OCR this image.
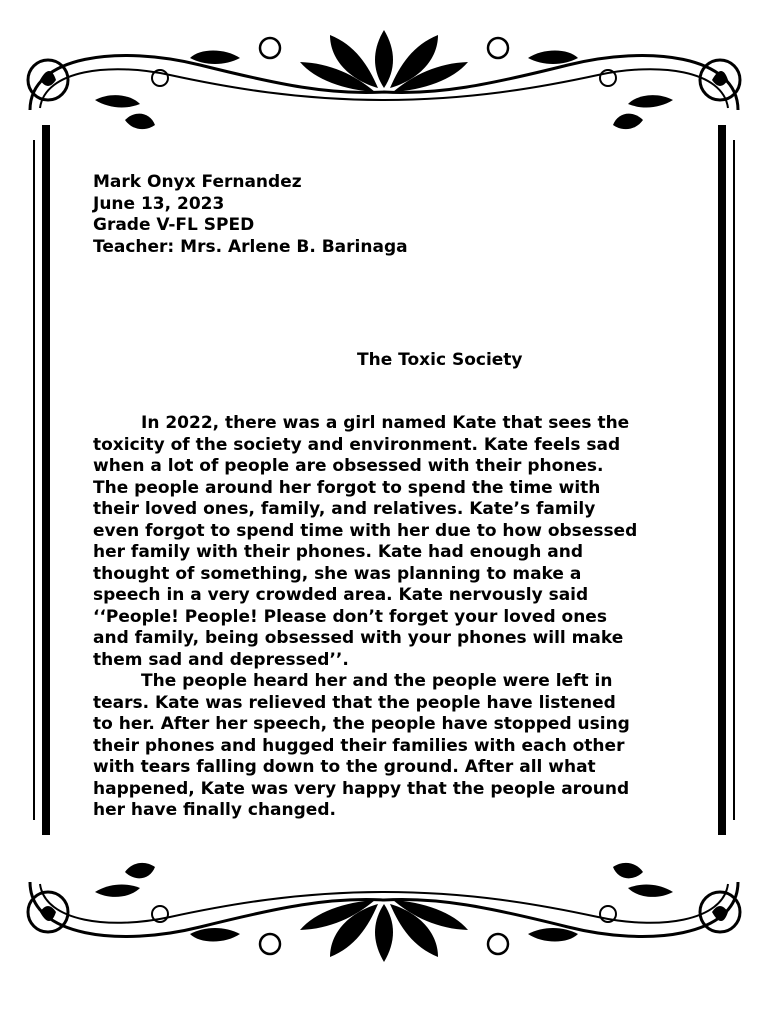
Mark Onyx Fernandez
June 13, 2023
Grade V-FL SPED
Teacher: Mrs. Arlene B. Barinaga
The Toxic Society
In 2022, there was a girl named Kate that sees the
toxicity of the society and environment. Kate feels sad
when a lot of people are obsessed with their phones.
The people around her forgot to spend the time with
their loved ones, family, and relatives. Kate’s family
even forgot to spend time with her due to how obsessed
her family with their phones. Kate had enough and
thought of something, she was planning to make a
speech in a very crowded area. Kate nervously said
‘‘People! People! Please don’t forget your loved ones
and family, being obsessed with your phones will make
them sad and depressed’’.
The people heard her and the people were left in
tears. Kate was relieved that the people have listened
to her. After her speech, the people have stopped using
their phones and hugged their families with each other
with tears falling down to the ground. After all what
happened, Kate was very happy that the people around
her have finally changed.
